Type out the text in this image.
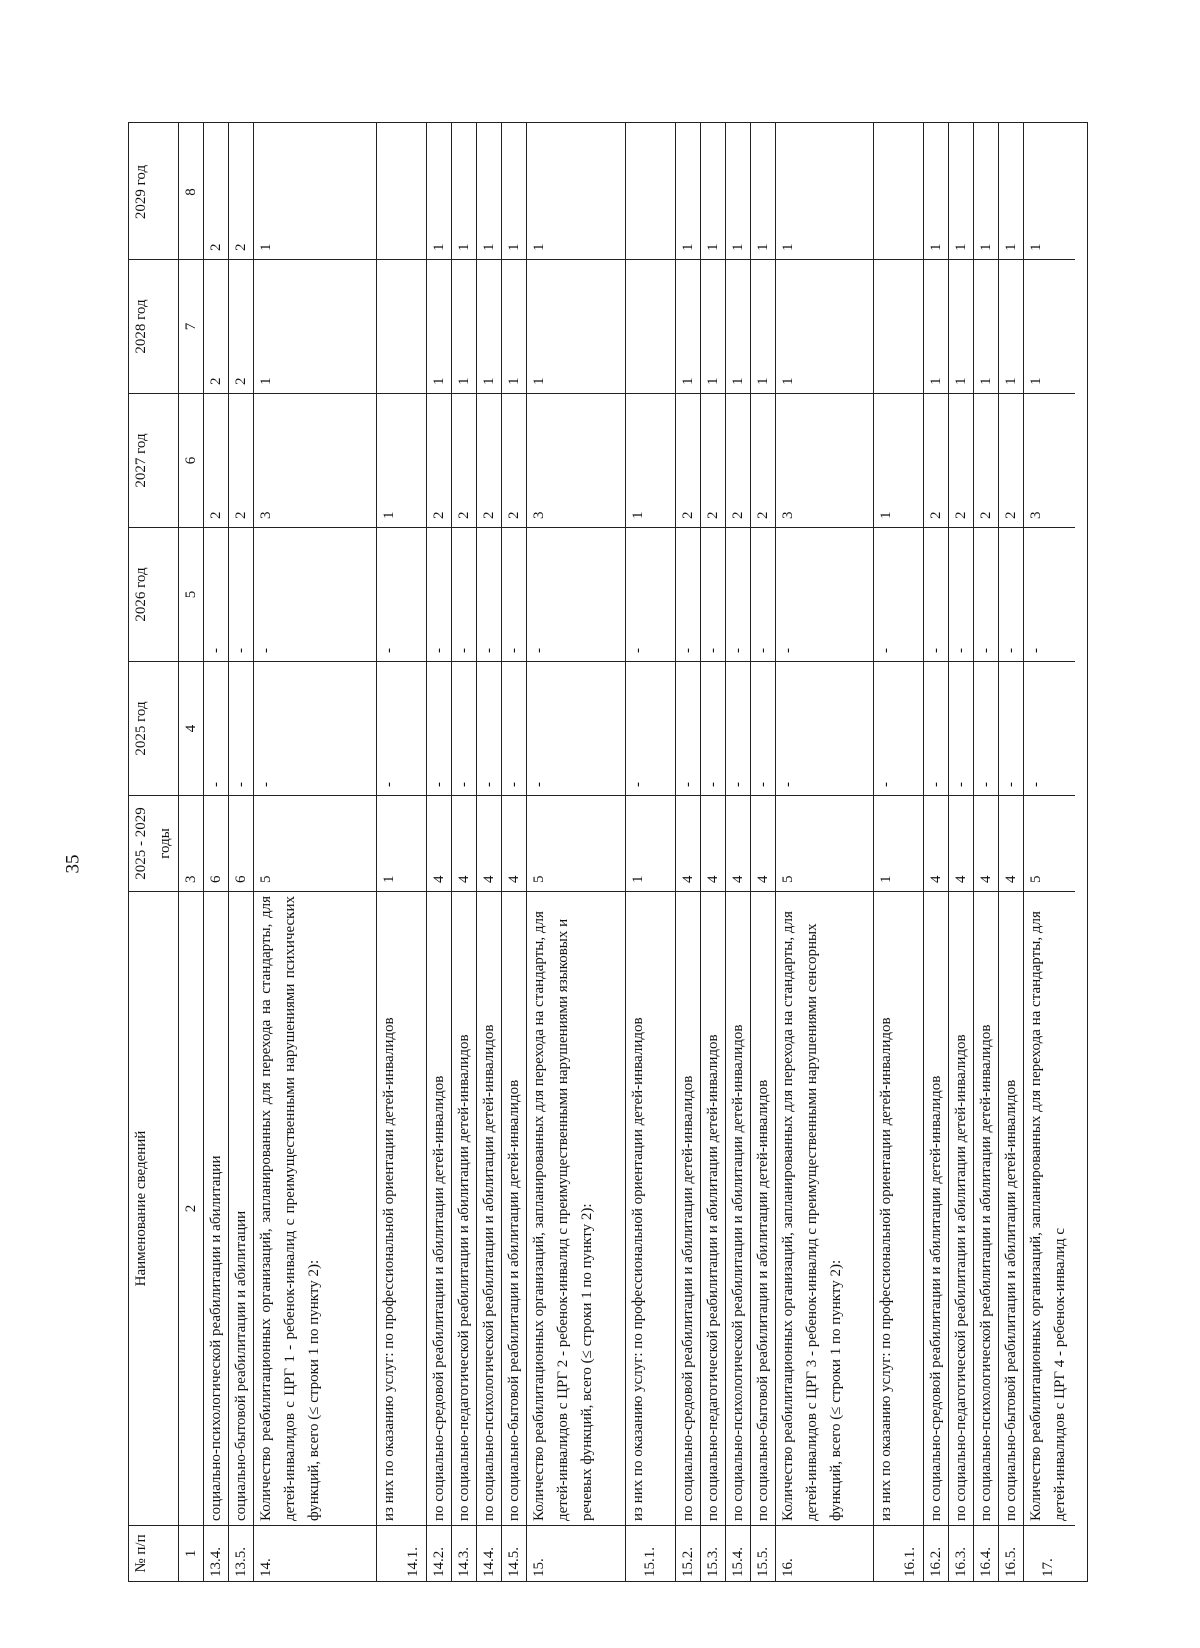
35
№ п/п
Наименование сведений
2025 - 2029 годы
2025 год
2026 год
2027 год
2028 год
2029 год
1
2
3
4
5
6
7
8
13.4.
социально-психологической реабилитации и абилитации
6
-
-
2
2
2
13.5.
социально-бытовой реабилитации и абилитации
6
-
-
2
2
2
14.
Количество реабилитационных организаций, запланированных для перехода на стандарты, для детей-инвалидов с ЦРГ 1 - ребенок-инвалид с преимущественными нарушениями психических функций, всего (≤ строки 1 по пункту 2):
5
-
-
3
1
1
14.1.
из них по оказанию услуг: по профессиональной ориентации детей-инвалидов
1
-
-
1
14.2.
по социально-средовой реабилитации и абилитации детей-инвалидов
4
-
-
2
1
1
14.3.
по социально-педагогической реабилитации и абилитации детей-инвалидов
4
-
-
2
1
1
14.4.
по социально-психологической реабилитации и абилитации детей-инвалидов
4
-
-
2
1
1
14.5.
по социально-бытовой реабилитации и абилитации детей-инвалидов
4
-
-
2
1
1
15.
Количество реабилитационных организаций, запланированных для перехода на стандарты, для детей-инвалидов с ЦРГ 2 - ребенок-инвалид с преимущественными нарушениями языковых и речевых функций, всего (≤ строки 1 по пункту 2):
5
-
-
3
1
1
15.1.
из них по оказанию услуг: по профессиональной ориентации детей-инвалидов
1
-
-
1
15.2.
по социально-средовой реабилитации и абилитации детей-инвалидов
4
-
-
2
1
1
15.3.
по социально-педагогической реабилитации и абилитации детей-инвалидов
4
-
-
2
1
1
15.4.
по социально-психологической реабилитации и абилитации детей-инвалидов
4
-
-
2
1
1
15.5.
по социально-бытовой реабилитации и абилитации детей-инвалидов
4
-
-
2
1
1
16.
Количество реабилитационных организаций, запланированных для перехода на стандарты, для детей-инвалидов с ЦРГ 3 - ребенок-инвалид с преимущественными нарушениями сенсорных функций, всего (≤ строки 1 по пункту 2):
5
-
-
3
1
1
16.1.
из них по оказанию услуг: по профессиональной ориентации детей-инвалидов
1
-
-
1
16.2.
по социально-средовой реабилитации и абилитации детей-инвалидов
4
-
-
2
1
1
16.3.
по социально-педагогической реабилитации и абилитации детей-инвалидов
4
-
-
2
1
1
16.4.
по социально-психологической реабилитации и абилитации детей-инвалидов
4
-
-
2
1
1
16.5.
по социально-бытовой реабилитации и абилитации детей-инвалидов
4
-
-
2
1
1
17.
Количество реабилитационных организаций, запланированных для перехода на стандарты, для детей-инвалидов с ЦРГ 4 - ребенок-инвалид с
5
-
-
3
1
1
